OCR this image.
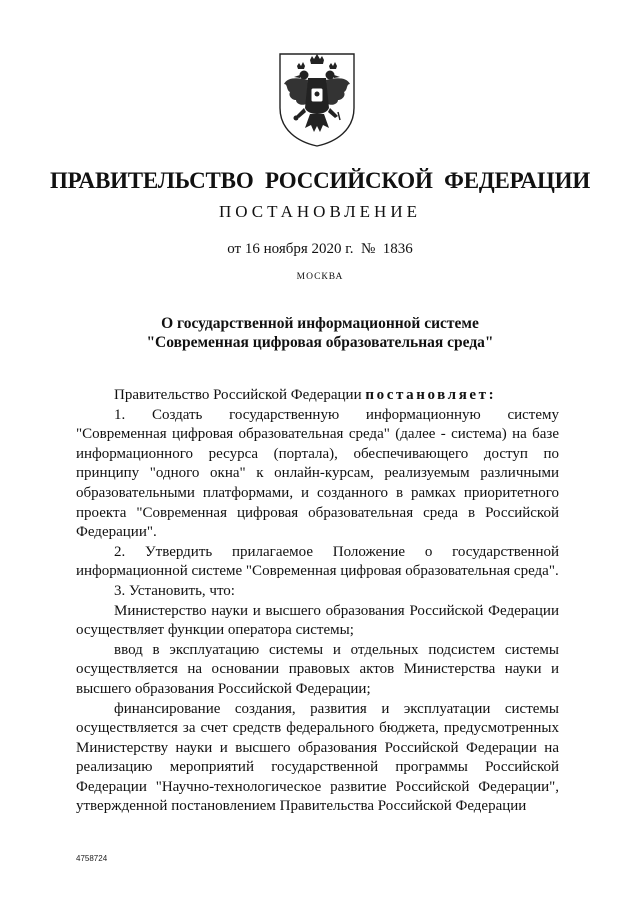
ПРАВИТЕЛЬСТВО РОССИЙСКОЙ ФЕДЕРАЦИИ
ПОСТАНОВЛЕНИЕ
от 16 ноября 2020 г. № 1836
МОСКВА
О государственной информационной системе
"Современная цифровая образовательная среда"

Правительство Российской Федерации постановляет:

1. Создать государственную информационную систему "Современная цифровая образовательная среда" (далее - система) на базе информационного ресурса (портала), обеспечивающего доступ по принципу "одного окна" к онлайн-курсам, реализуемым различными образовательными платформами, и созданного в рамках приоритетного проекта "Современная цифровая образовательная среда в Российской Федерации".

2. Утвердить прилагаемое Положение о государственной информационной системе "Современная цифровая образовательная среда".

3. Установить, что:

Министерство науки и высшего образования Российской Федерации осуществляет функции оператора системы;

ввод в эксплуатацию системы и отдельных подсистем системы осуществляется на основании правовых актов Министерства науки и высшего образования Российской Федерации;

финансирование создания, развития и эксплуатации системы осуществляется за счет средств федерального бюджета, предусмотренных Министерству науки и высшего образования Российской Федерации на реализацию мероприятий государственной программы Российской Федерации "Научно-технологическое развитие Российской Федерации", утвержденной постановлением Правительства Российской Федерации

4758724
